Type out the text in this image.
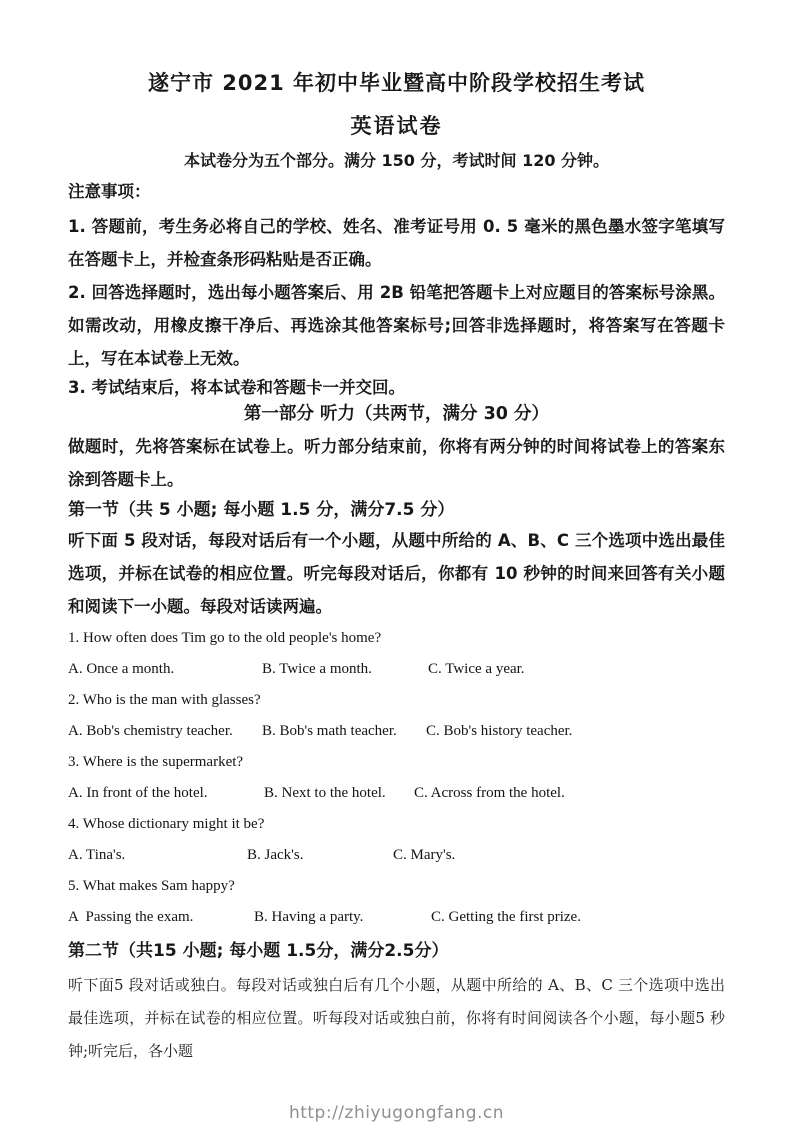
遂宁市 2021 年初中毕业暨高中阶段学校招生考试
英语试卷

本试卷分为五个部分。满分 150 分，考试时间 120 分钟。

注意事项：

1. 答题前，考生务必将自己的学校、姓名、准考证号用 0. 5 毫米的黑色墨水签字笔填写在答题卡上，并检查条形码粘贴是否正确。

2. 回答选择题时，选出每小题答案后、用 2B 铅笔把答题卡上对应题目的答案标号涂黑。如需改动，用橡皮擦干净后、再选涂其他答案标号;回答非选择题时，将答案写在答题卡上，写在本试卷上无效。

3. 考试结束后，将本试卷和答题卡一并交回。

第一部分 听力（共两节，满分 30 分）

做题时，先将答案标在试卷上。听力部分结束前，你将有两分钟的时间将试卷上的答案东涂到答题卡上。

第一节（共 5 小题; 每小题 1.5 分，满分7.5 分）

听下面 5 段对话，每段对话后有一个小题，从题中所给的 A、B、C 三个选项中选出最佳选项，并标在试卷的相应位置。听完每段对话后，你都有 10 秒钟的时间来回答有关小题和阅读下一小题。每段对话读两遍。

1. How often does Tim go to the old people's home?

A. Once a month.	B. Twice a month.	C. Twice a year.

2. Who is the man with glasses?

A. Bob's chemistry teacher. B. Bob's math teacher. C. Bob's history teacher.

3. Where is the supermarket?

A. In front of the hotel.	B. Next to the hotel. C. Across from the hotel.

4. Whose dictionary might it be?

A. Tina's.	B. Jack's.	C. Mary's.

5. What makes Sam happy?

A  Passing the exam.	B. Having a party.	C. Getting the first prize.

第二节（共15 小题; 每小题 1.5分，满分2.5分）

听下面5 段对话或独白。每段对话或独白后有几个小题，从题中所给的 A、B、C 三个选项中选出最佳选项，并标在试卷的相应位置。听每段对话或独白前，你将有时间阅读各个小题，每小题5 秒钟;听完后，各小题

http://zhiyugongfang.cn
